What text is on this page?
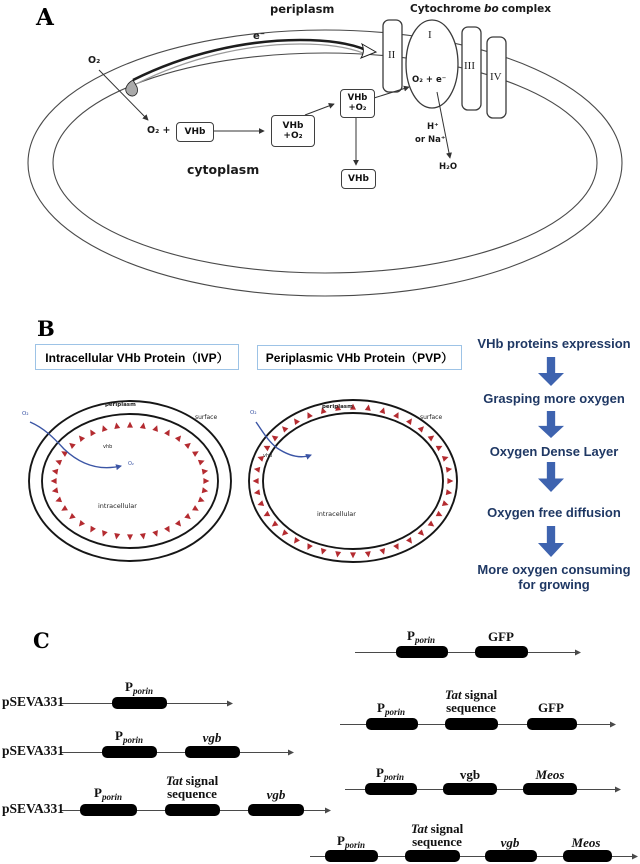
A	periplasm	Cytochrome bo complex
e⁻
O₂
O₂ +
cytoplasm
O₂ + e⁻
H⁺
or Na⁺
H₂O
I
II
III
IV
VHb
VHb
+O₂
VHb
+O₂
VHb
B
Intracellular VHb Protein（IVP）	Periplasmic VHb Protein（PVP）
periplasm
surface
vhb
intracellular
O₂
O₂
periplasm
surface
vhb
intracellular
O₂
VHb proteins expression
Grasping more oxygen
Oxygen Dense Layer
Oxygen free diffusion
More oxygen consuming for growing
C
pSEVA331
pSEVA331
pSEVA331
$P_{porin}$
$P_{porin}$	vgb
$P_{porin}$
Tat signal
sequence	vgb
$P_{porin}$	GFP
$P_{porin}$
Tat signal
sequence	GFP
$P_{porin}$	vgb	Meos
$P_{porin}$
Tat signal
sequence	vgb	Meos
